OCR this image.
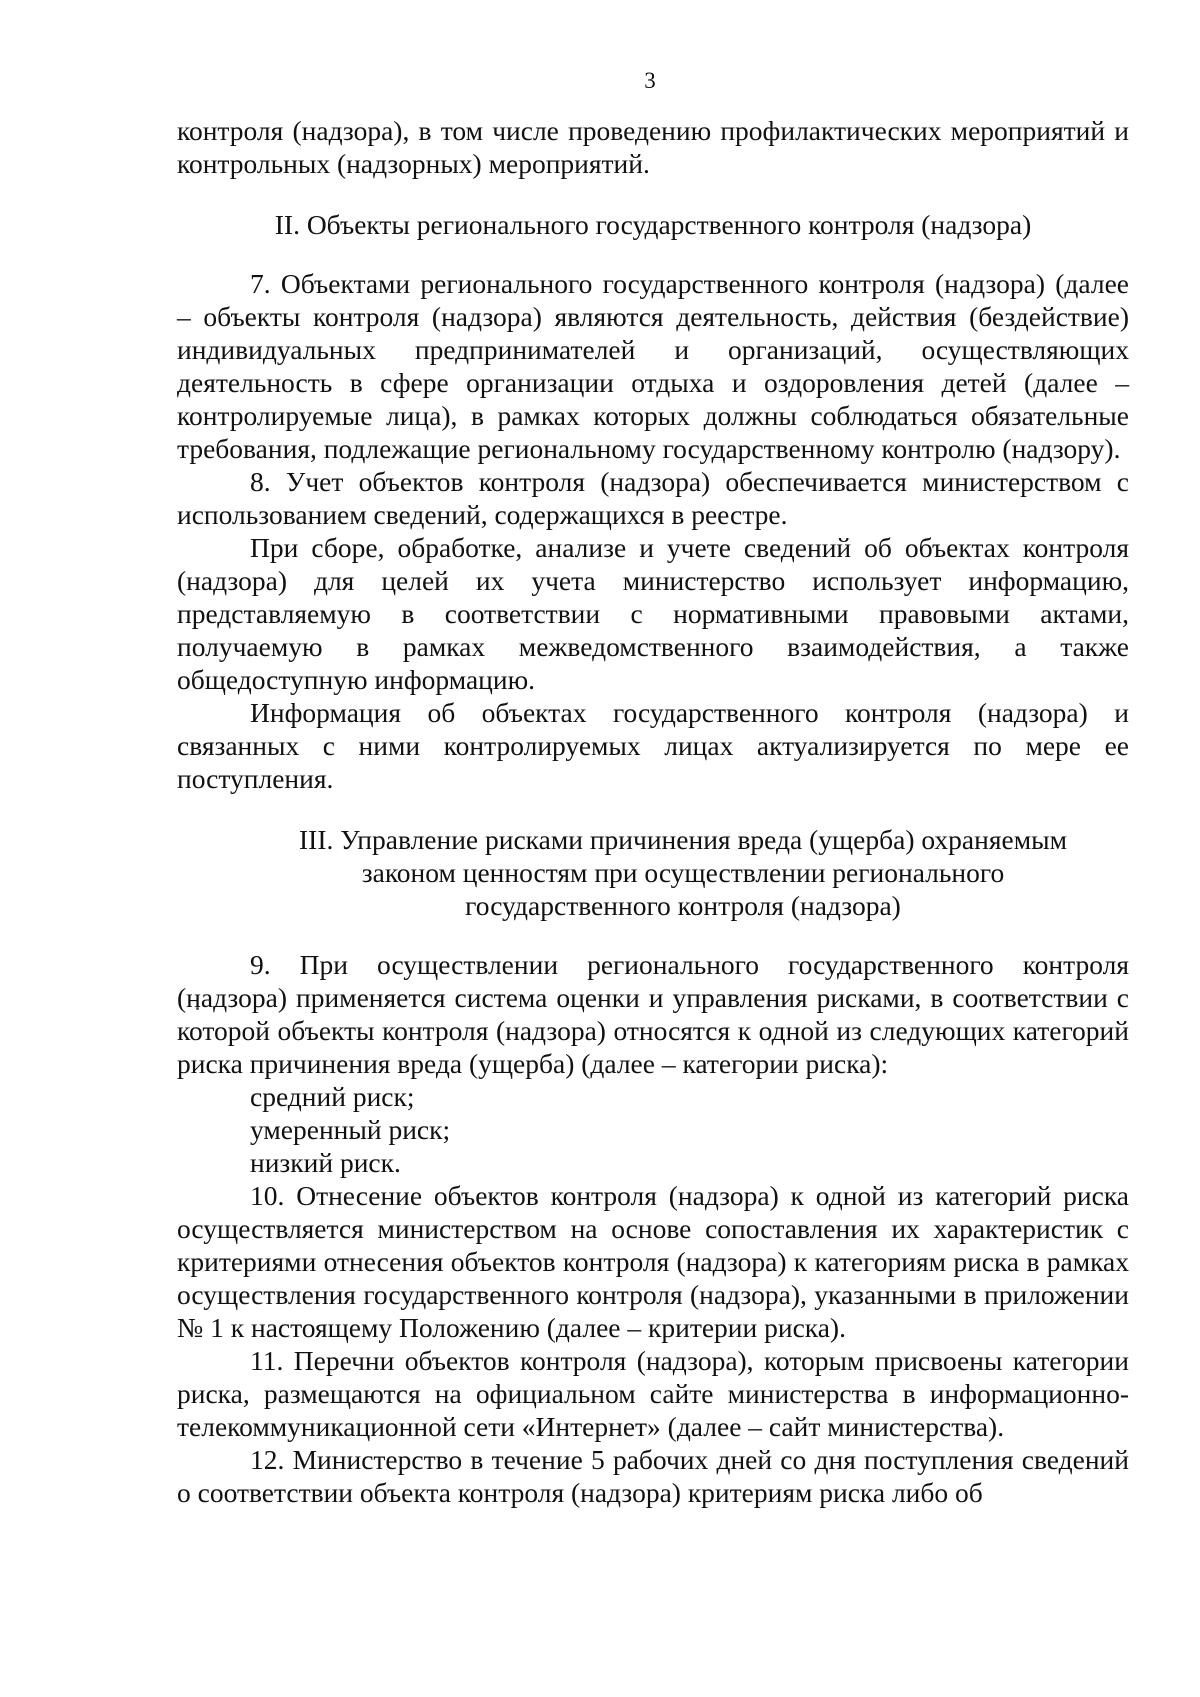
3

контроля (надзора), в том числе проведению профилактических мероприятий и контрольных (надзорных) мероприятий.

II. Объекты регионального государственного контроля (надзора)

7. Объектами регионального государственного контроля (надзора) (далее – объекты контроля (надзора) являются деятельность, действия (бездействие) индивидуальных предпринимателей и организаций, осуществляющих деятельность в сфере организации отдыха и оздоровления детей (далее – контролируемые лица), в рамках которых должны соблюдаться обязательные требования, подлежащие региональному государственному контролю (надзору).

8. Учет объектов контроля (надзора) обеспечивается министерством с использованием сведений, содержащихся в реестре.

При сборе, обработке, анализе и учете сведений об объектах контроля (надзора) для целей их учета министерство использует информацию, представляемую в соответствии с нормативными правовыми актами, получаемую в рамках межведомственного взаимодействия, а также общедоступную информацию.

Информация об объектах государственного контроля (надзора) и связанных с ними контролируемых лицах актуализируется по мере ее поступления.

III. Управление рисками причинения вреда (ущерба) охраняемым
законом ценностям при осуществлении регионального
государственного контроля (надзора)

9. При осуществлении регионального государственного контроля (надзора) применяется система оценки и управления рисками, в соответствии с которой объекты контроля (надзора) относятся к одной из следующих категорий риска причинения вреда (ущерба) (далее – категории риска):

средний риск;

умеренный риск;

низкий риск.

10. Отнесение объектов контроля (надзора) к одной из категорий риска осуществляется министерством на основе сопоставления их характеристик с критериями отнесения объектов контроля (надзора) к категориям риска в рамках осуществления государственного контроля (надзора), указанными в приложении № 1 к настоящему Положению (далее – критерии риска).

11. Перечни объектов контроля (надзора), которым присвоены категории риска, размещаются на официальном сайте министерства в информационно-телекоммуникационной сети «Интернет» (далее – сайт министерства).

12. Министерство в течение 5 рабочих дней со дня поступления сведений о соответствии объекта контроля (надзора) критериям риска либо об
